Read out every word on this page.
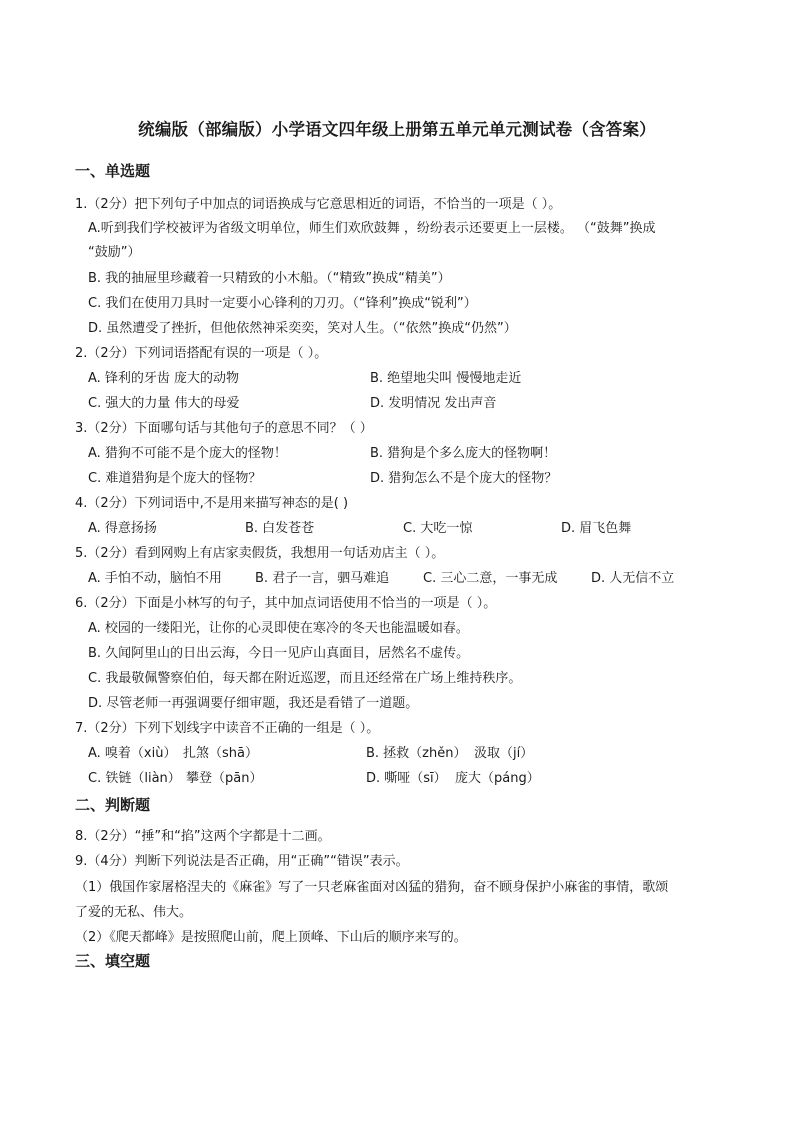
统编版（部编版）小学语文四年级上册第五单元单元测试卷（含答案）
一、单选题
1.（2分）把下列句子中加点的词语换成与它意思相近的词语，不恰当的一项是（ ）。
A.听到我们学校被评为省级文明单位，师生们欢欣鼓舞 ，纷纷表示还要更上一层楼。 （“鼓舞”换成
“鼓励”）
B. 我的抽屉里珍藏着一只精致的小木船。（“精致”换成“精美”）
C. 我们在使用刀具时一定要小心锋利的刀刃。（“锋利”换成“锐利”）
D. 虽然遭受了挫折，但他依然神采奕奕，笑对人生。（“依然”换成“仍然”）
2.（2分）下列词语搭配有误的一项是（ ）。
A. 锋利的牙齿 庞大的动物	B. 绝望地尖叫 慢慢地走近
C. 强大的力量 伟大的母爱	D. 发明情况 发出声音
3.（2分）下面哪句话与其他句子的意思不同？（ ）
A. 猎狗不可能不是个庞大的怪物！	B. 猎狗是个多么庞大的怪物啊！
C. 难道猎狗是个庞大的怪物？	D. 猎狗怎么不是个庞大的怪物？
4.（2分）下列词语中,不是用来描写神态的是( )
A. 得意扬扬	B. 白发苍苍	C. 大吃一惊	D. 眉飞色舞
5.（2分）看到网购上有店家卖假货，我想用一句话劝店主（ ）。
A. 手怕不动，脑怕不用	B. 君子一言，驷马难追	C. 三心二意，一事无成	D. 人无信不立
6.（2分）下面是小林写的句子，其中加点词语使用不恰当的一项是（ ）。
A. 校园的一缕阳光，让你的心灵即使在寒冷的冬天也能温暖如春。
B. 久闻阿里山的日出云海，今日一见庐山真面目，居然名不虚传。
C. 我最敬佩警察伯伯，每天都在附近巡逻，而且还经常在广场上维持秩序。
D. 尽管老师一再强调要仔细审题，我还是看错了一道题。
7.（2分）下列下划线字中读音不正确的一组是（ ）。
A. 嗅着（xiù） 扎煞（shā）	B. 拯救（zhěn） 汲取（jí）
C. 铁链（liàn） 攀登（pān）	D. 嘶哑（sī） 庞大（páng）
二、判断题
8.（2分）“捶”和“掐”这两个字都是十二画。
9.（4分）判断下列说法是否正确，用“正确”“错误”表示。
（1）俄国作家屠格涅夫的《麻雀》写了一只老麻雀面对凶猛的猎狗，奋不顾身保护小麻雀的事情，歌颂
了爱的无私、伟大。
（2）《爬天都峰》是按照爬山前，爬上顶峰、下山后的顺序来写的。
三、填空题
